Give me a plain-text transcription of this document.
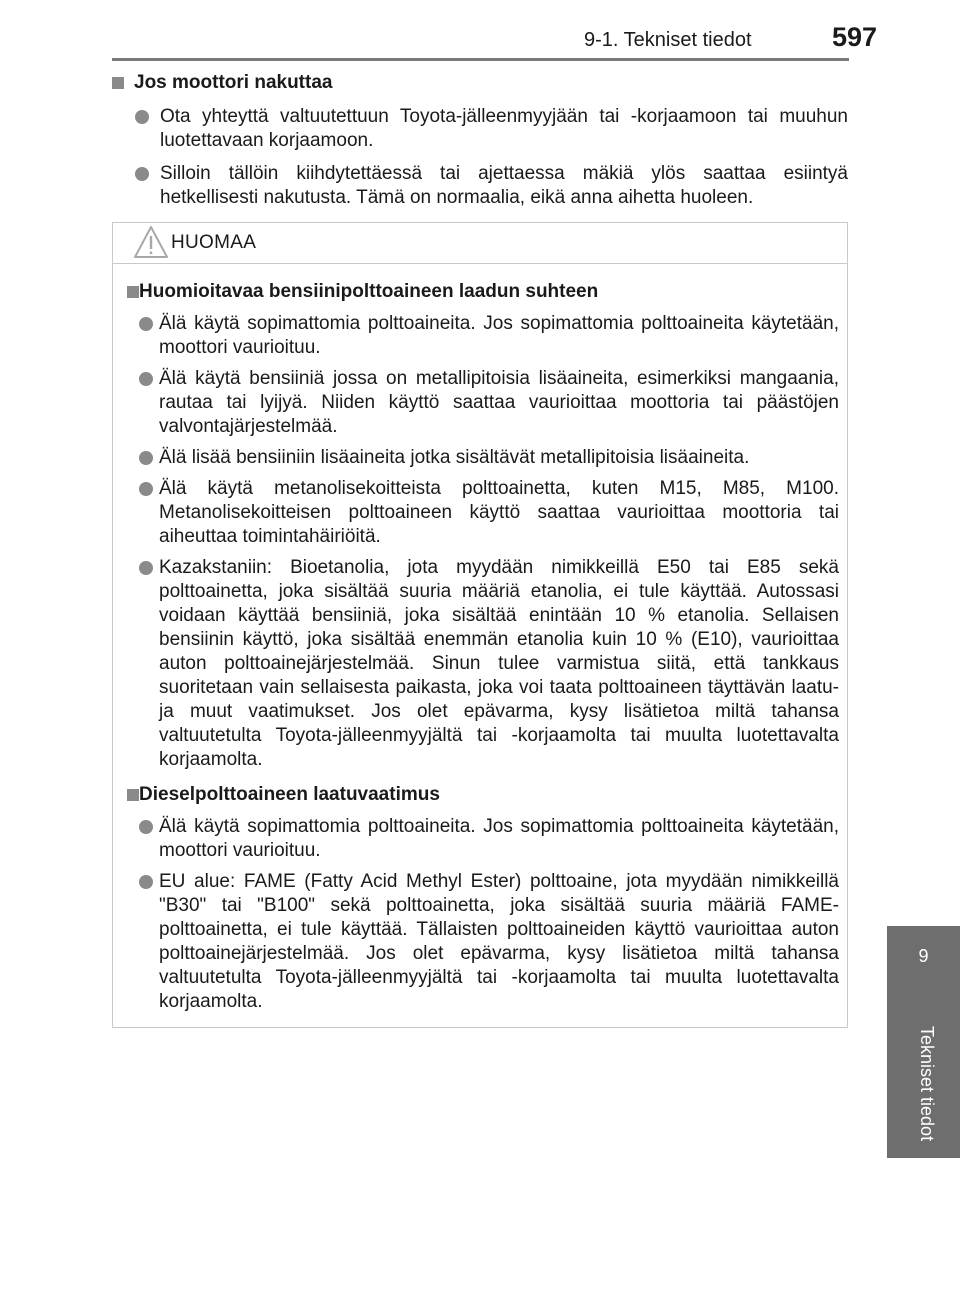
9-1. Tekniset tiedot	597
9
Tekniset tiedot
Jos moottori nakuttaa
Ota yhteyttä valtuutettuun Toyota-jälleenmyyjään tai -korjaamoon tai muuhun luotettavaan korjaamoon.
Silloin tällöin kiihdytettäessä tai ajettaessa mäkiä ylös saattaa esiintyä hetkellisesti nakutusta. Tämä on normaalia, eikä anna aihetta huoleen.
HUOMAA
Huomioitavaa bensiinipolttoaineen laadun suhteen
Älä käytä sopimattomia polttoaineita. Jos sopimattomia polttoaineita käytetään, moottori vaurioituu.
Älä käytä bensiiniä jossa on metallipitoisia lisäaineita, esimerkiksi mangaania, rautaa tai lyijyä. Niiden käyttö saattaa vaurioittaa moottoria tai päästöjen valvontajärjestelmää.
Älä lisää bensiiniin lisäaineita jotka sisältävät metallipitoisia lisäaineita.
Älä käytä metanolisekoitteista polttoainetta, kuten M15, M85, M100. Metanolisekoitteisen polttoaineen käyttö saattaa vaurioittaa moottoria tai aiheuttaa toimintahäiriöitä.
Kazakstaniin: Bioetanolia, jota myydään nimikkeillä E50 tai E85 sekä polttoainetta, joka sisältää suuria määriä etanolia, ei tule käyttää. Autossasi voidaan käyttää bensiiniä, joka sisältää enintään 10 % etanolia. Sellaisen bensiinin käyttö, joka sisältää enemmän etanolia kuin 10 % (E10), vaurioittaa auton polttoainejärjestelmää. Sinun tulee varmistua siitä, että tankkaus suoritetaan vain sellaisesta paikasta, joka voi taata polttoaineen täyttävän laatu- ja muut vaatimukset. Jos olet epävarma, kysy lisätietoa miltä tahansa valtuutetulta Toyota-jälleenmyyjältä tai -korjaamolta tai muulta luotettavalta korjaamolta.
Dieselpolttoaineen laatuvaatimus
Älä käytä sopimattomia polttoaineita. Jos sopimattomia polttoaineita käytetään, moottori vaurioituu.
EU alue: FAME (Fatty Acid Methyl Ester) polttoaine, jota myydään nimikkeillä "B30" tai "B100" sekä polttoainetta, joka sisältää suuria määriä FAME-polttoainetta, ei tule käyttää. Tällaisten polttoaineiden käyttö vaurioittaa auton polttoainejärjestelmää. Jos olet epävarma, kysy lisätietoa miltä tahansa valtuutetulta Toyota-jälleenmyyjältä tai -korjaamolta tai muulta luotettavalta korjaamolta.
